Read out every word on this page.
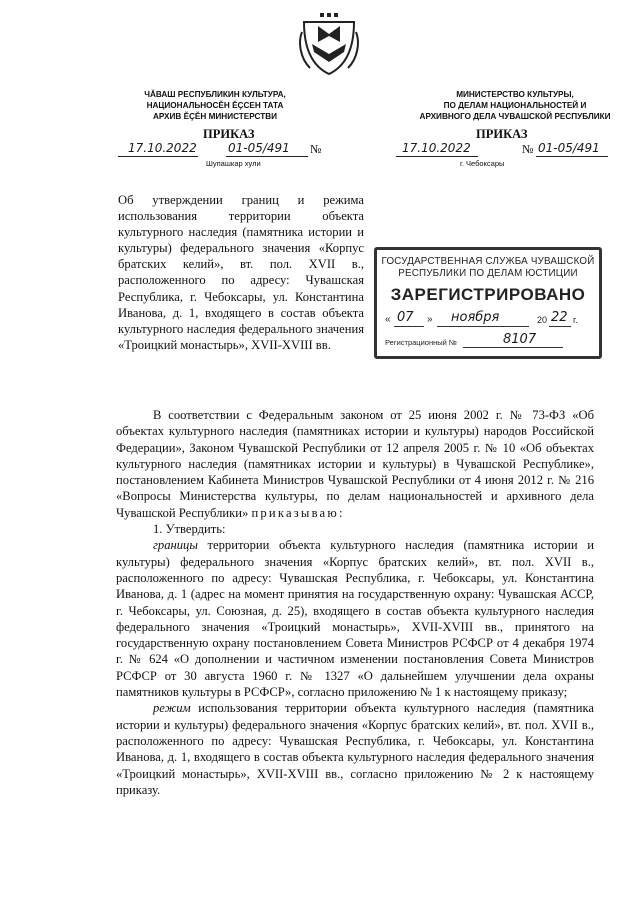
ЧĂВАШ РЕСПУБЛИКИН КУЛЬТУРА,
НАЦИОНАЛЬНОСĔН ĔÇСЕН ТАТА
АРХИВ ĔÇĔН МИНИСТЕРСТВИ
МИНИСТЕРСТВО КУЛЬТУРЫ,
ПО ДЕЛАМ НАЦИОНАЛЬНОСТЕЙ И
АРХИВНОГО ДЕЛА ЧУВАШСКОЙ РЕСПУБЛИКИ
ПРИКАЗ
17.10.2022	01-05/491 №
Шупашкар хули
ПРИКАЗ
17.10.2022	№ 01-05/491
г. Чебоксары
Об утверждении границ и режима использования территории объекта культурного наследия (памятника истории и культуры) федерального значения «Корпус братских келий», вт. пол. XVII в., расположенного по адресу: Чувашская Республика, г. Чебоксары, ул. Константина Иванова, д. 1, входящего в состав объекта культурного наследия федерального значения «Троицкий монастырь», XVII-XVIII вв.
ГОСУДАРСТВЕННАЯ СЛУЖБА ЧУВАШСКОЙ
РЕСПУБЛИКИ ПО ДЕЛАМ ЮСТИЦИИ
ЗАРЕГИСТРИРОВАНО
« 07 » ноября	20 22 г.
Регистрационный №	8107

В соответствии с Федеральным законом от 25 июня 2002 г. № 73-ФЗ «Об объектах культурного наследия (памятниках истории и культуры) народов Российской Федерации», Законом Чувашской Республики от 12 апреля 2005 г. № 10 «Об объектах культурного наследия (памятниках истории и культуры) в Чувашской Республике», постановлением Кабинета Министров Чувашской Республики от 4 июня 2012 г. № 216 «Вопросы Министерства культуры, по делам национальностей и архивного дела Чувашской Республики» приказываю:

1. Утвердить:

границы территории объекта культурного наследия (памятника истории и культуры) федерального значения «Корпус братских келий», вт. пол. XVII в., расположенного по адресу: Чувашская Республика, г. Чебоксары, ул. Константина Иванова, д. 1 (адрес на момент принятия на государственную охрану: Чувашская АССР, г. Чебоксары, ул. Союзная, д. 25), входящего в состав объекта культурного наследия федерального значения «Троицкий монастырь», XVII-XVIII вв., принятого на государственную охрану постановлением Совета Министров РСФСР от 4 декабря 1974 г. № 624 «О дополнении и частичном изменении постановления Совета Министров РСФСР от 30 августа 1960 г. № 1327 «О дальнейшем улучшении дела охраны памятников культуры в РСФСР», согласно приложению № 1 к настоящему приказу;

режим использования территории объекта культурного наследия (памятника истории и культуры) федерального значения «Корпус братских келий», вт. пол. XVII в., расположенного по адресу: Чувашская Республика, г. Чебоксары, ул. Константина Иванова, д. 1, входящего в состав объекта культурного наследия федерального значения «Троицкий монастырь», XVII-XVIII вв., согласно приложению № 2 к настоящему приказу.
